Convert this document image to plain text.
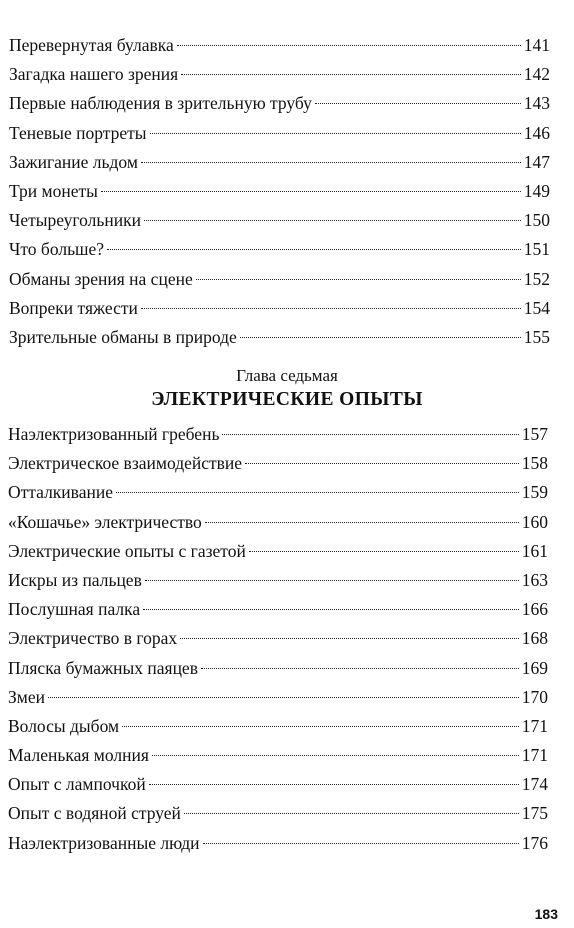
Перевернутая булавка	141
Загадка нашего зрения	142
Первые наблюдения в зрительную трубу	143
Теневые портреты	146
Зажигание льдом	147
Три монеты	149
Четыреугольники	150
Что больше?	151
Обманы зрения на сцене	152
Вопреки тяжести	154
Зрительные обманы в природе	155
Глава седьмая
ЭЛЕКТРИЧЕСКИЕ ОПЫТЫ
Наэлектризованный гребень	157
Электрическое взаимодействие	158
Отталкивание	159
«Кошачье» электричество	160
Электрические опыты с газетой	161
Искры из пальцев	163
Послушная палка	166
Электричество в горах	168
Пляска бумажных паяцев	169
Змеи	170
Волосы дыбом	171
Маленькая молния	171
Опыт с лампочкой	174
Опыт с водяной струей	175
Наэлектризованные люди	176
183
